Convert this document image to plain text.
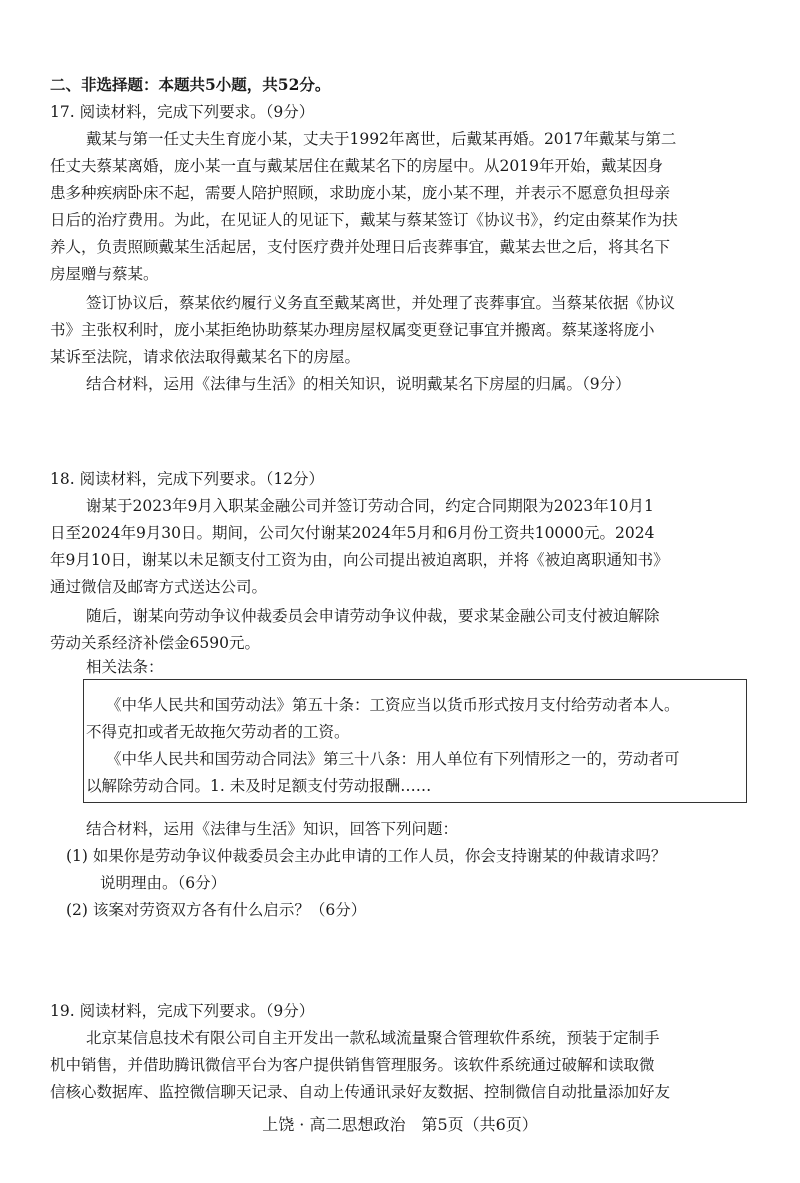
二、非选择题：本题共5小题，共52分。
17. 阅读材料，完成下列要求。（9分）
戴某与第一任丈夫生育庞小某，丈夫于1992年离世，后戴某再婚。2017年戴某与第二
任丈夫蔡某离婚，庞小某一直与戴某居住在戴某名下的房屋中。从2019年开始，戴某因身
患多种疾病卧床不起，需要人陪护照顾，求助庞小某，庞小某不理，并表示不愿意负担母亲
日后的治疗费用。为此，在见证人的见证下，戴某与蔡某签订《协议书》，约定由蔡某作为扶
养人，负责照顾戴某生活起居，支付医疗费并处理日后丧葬事宜，戴某去世之后，将其名下
房屋赠与蔡某。
签订协议后，蔡某依约履行义务直至戴某离世，并处理了丧葬事宜。当蔡某依据《协议
书》主张权利时，庞小某拒绝协助蔡某办理房屋权属变更登记事宜并搬离。蔡某遂将庞小
某诉至法院，请求依法取得戴某名下的房屋。
结合材料，运用《法律与生活》的相关知识，说明戴某名下房屋的归属。（9分）
18. 阅读材料，完成下列要求。（12分）
谢某于2023年9月入职某金融公司并签订劳动合同，约定合同期限为2023年10月1
日至2024年9月30日。期间，公司欠付谢某2024年5月和6月份工资共10000元。2024
年9月10日，谢某以未足额支付工资为由，向公司提出被迫离职，并将《被迫离职通知书》
通过微信及邮寄方式送达公司。
随后，谢某向劳动争议仲裁委员会申请劳动争议仲裁，要求某金融公司支付被迫解除
劳动关系经济补偿金6590元。
相关法条：
《中华人民共和国劳动法》第五十条：工资应当以货币形式按月支付给劳动者本人。
不得克扣或者无故拖欠劳动者的工资。
《中华人民共和国劳动合同法》第三十八条：用人单位有下列情形之一的，劳动者可
以解除劳动合同。1. 未及时足额支付劳动报酬……
结合材料，运用《法律与生活》知识，回答下列问题：
(1) 如果你是劳动争议仲裁委员会主办此申请的工作人员，你会支持谢某的仲裁请求吗？
说明理由。（6分）
(2) 该案对劳资双方各有什么启示？（6分）
19. 阅读材料，完成下列要求。（9分）
北京某信息技术有限公司自主开发出一款私域流量聚合管理软件系统，预装于定制手
机中销售，并借助腾讯微信平台为客户提供销售管理服务。该软件系统通过破解和读取微
信核心数据库、监控微信聊天记录、自动上传通讯录好友数据、控制微信自动批量添加好友
上饶 · 高二思想政治　第5页（共6页）
